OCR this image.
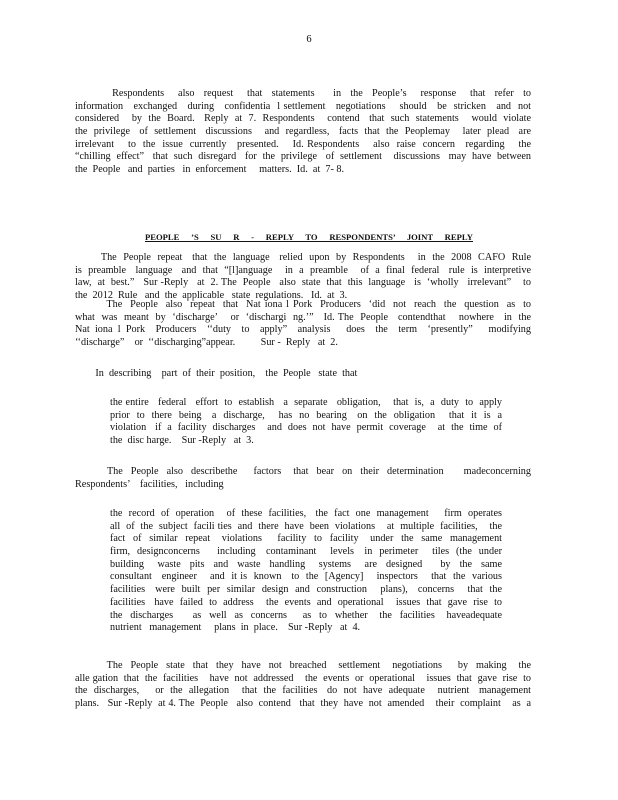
6
Respondents   also  request   that  statements    in  the  People’s   response   that  refer  to
information   exchanged   during   confidentia  l settlement   negotiations    should   be  stricken   and  not
considered    by  the  Board.   Reply  at  7.  Respondents    contend   that  such  statements    would  violate
the  privilege   of  settlement   discussions    and  regardless,   facts  that  the  Peoplemay    later  plead   are
irrelevant    to  the  issue  currently   presented.    Id. Respondents    also  raise  concern   regarding    the
“chilling  effect”   that  such  disregard   for  the  privilege   of  settlement    discussions   may  have  between
the  People   and  parties   in  enforcement     matters.  Id.  at  7- 8.
PEOPLE ’S SU R - REPLY TO RESPONDENTS’ JOINT REPLY
The  People  repeat   that  the  language   relied  upon  by  Respondents    in  the  2008  CAFO  Rule
is  preamble   language   and  that  “[l]anguage    in  a  preamble    of  a  final  federal   rule  is  interpretive
law,  at  best.”   Sur -Reply   at  2. The  People   also  state  that  this  language   is  ‘wholly   irrelevant”    to
the  2012  Rule   and  the  applicable   state  regulations.   Id.  at  3.
The  People  also  repeat  that  Nat iona l Pork  Producers  ‘did  not  reach  the  question  as  to
what  was  meant  by  ‘discharge’    or  ‘dischargi  ng.’”   Id. The  People   contendthat    nowhere   in  the
Nat iona l Pork  Producers  ‘‘duty  to  apply”  analysis   does  the  term  ‘presently”   modifying
‘‘discharge”    or  ‘‘discharging”appear.          Sur -  Reply   at  2.
In  describing    part  of  their  position,    the  People   state  that
the entire   federal   effort  to  establish   a  separate   obligation,    that  is,  a  duty  to  apply
prior  to  there  being   a  discharge,    has  no  bearing   on  the  obligation    that  it  is  a
violation   if  a  facility  discharges    and  does  not  have  permit  coverage    at  the  time  of
the  disc harge.    Sur -Reply   at  3.
The  People  also  describethe    factors   that  bear  on  their  determination     madeconcerning
Respondents’    facilities,   including
the  record  of  operation    of  these  facilities,   the  fact  one  management     firm  operates
all  of  the  subject  facili ties  and  there  have  been  violations    at  multiple  facilities,    the
fact  of  similar  repeat   violations    facility  to  facility   under  the  same  management
firm,  designconcerns     including   contaminant    levels   in  perimeter    tiles  (the  under
building   waste  pits  and  waste  handling   systems   are  designed    by  the  same
consultant   engineer    and  it is  known   to  the  [Agency]    inspectors    that  the  various
facilities   were  built  per  similar  design  and  construction    plans),   concerns    that  the
facilities   have  failed  to  address    the  events  and  operational    issues  that  gave  rise  to
the  discharges     as  well  as  concerns    as  to  whether   the  facilities   haveadequate
nutrient   management     plans  in  place.    Sur -Reply   at  4.
The  People  state  that  they  have  not  breached   settlement   negotiations    by  making   the
alle gation  that  the  facilities    have  not  addressed    the  events  or  operational    issues  that  gave  rise  to
the  discharges,     or  the  allegation    that  the  facilities   do  not  have  adequate    nutrient   management
plans.   Sur -Reply  at 4. The  People   also  contend   that  they  have  not  amended    their  complaint    as  a
